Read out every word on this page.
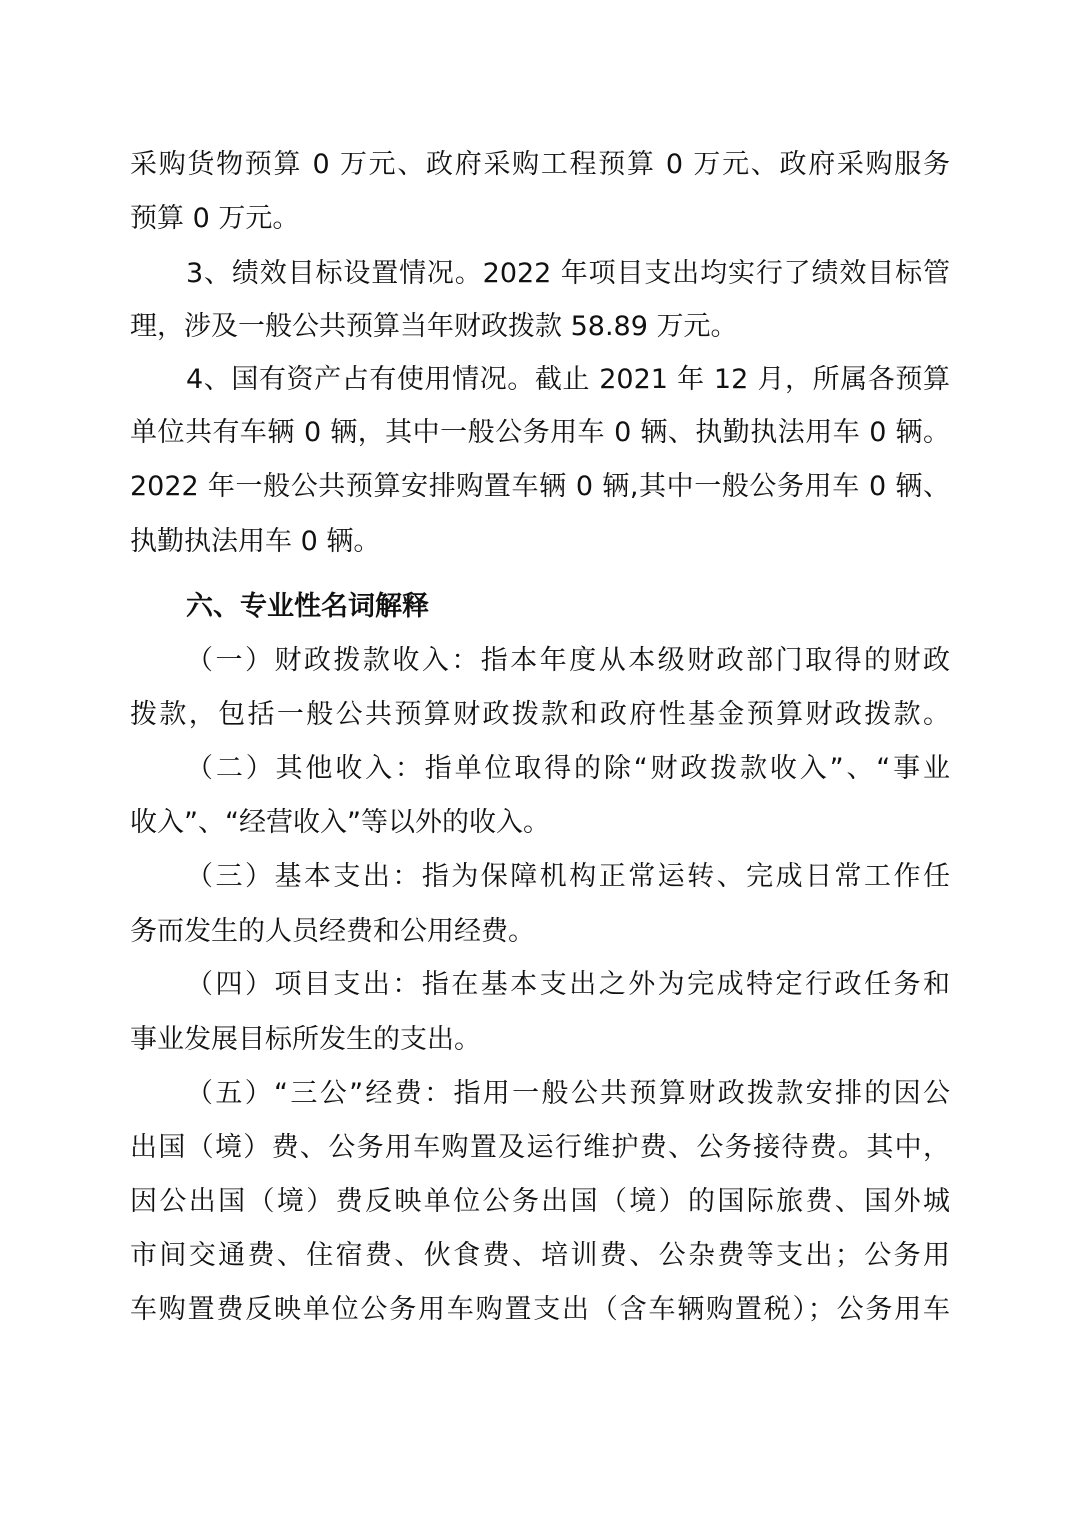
采购货物预算 0 万元、政府采购工程预算 0 万元、政府采购服务
预算 0 万元。
3、绩效目标设置情况。2022 年项目支出均实行了绩效目标管
理，涉及一般公共预算当年财政拨款 58.89 万元。
4、国有资产占有使用情况。截止 2021 年 12 月，所属各预算
单位共有车辆 0 辆，其中一般公务用车 0 辆、执勤执法用车 0 辆。
2022 年一般公共预算安排购置车辆 0 辆,其中一般公务用车 0 辆、
执勤执法用车 0 辆。
六、专业性名词解释
（一）财政拨款收入：指本年度从本级财政部门取得的财政
拨款，包括一般公共预算财政拨款和政府性基金预算财政拨款。
（二）其他收入：指单位取得的除“财政拨款收入”、“事业
收入”、“经营收入”等以外的收入。
（三）基本支出：指为保障机构正常运转、完成日常工作任
务而发生的人员经费和公用经费。
（四）项目支出：指在基本支出之外为完成特定行政任务和
事业发展目标所发生的支出。
（五）“三公”经费：指用一般公共预算财政拨款安排的因公
出国（境）费、公务用车购置及运行维护费、公务接待费。其中，
因公出国（境）费反映单位公务出国（境）的国际旅费、国外城
市间交通费、住宿费、伙食费、培训费、公杂费等支出；公务用
车购置费反映单位公务用车购置支出（含车辆购置税）；公务用车
